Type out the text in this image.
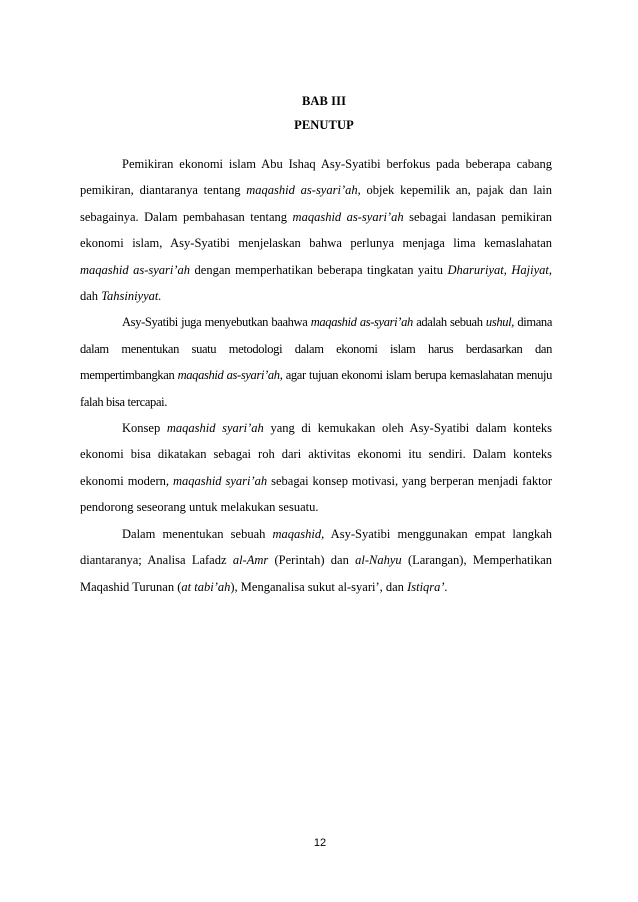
BAB III
PENUTUP

Pemikiran ekonomi islam Abu Ishaq Asy-Syatibi berfokus pada beberapa cabang pemikiran, diantaranya tentang maqashid as-syari’ah, objek kepemilik an, pajak dan lain sebagainya. Dalam pembahasan tentang maqashid as-syari’ah sebagai landasan pemikiran ekonomi islam, Asy-Syatibi menjelaskan bahwa perlunya menjaga lima kemaslahatan maqashid as-syari’ah dengan memperhatikan beberapa tingkatan yaitu Dharuriyat, Hajiyat, dah Tahsiniyyat.

Asy-Syatibi juga menyebutkan baahwa maqashid as-syari’ah adalah sebuah ushul, dimana dalam menentukan suatu metodologi dalam ekonomi islam harus berdasarkan dan mempertimbangkan maqashid as-syari’ah, agar tujuan ekonomi islam berupa kemaslahatan menuju falah bisa tercapai.

Konsep maqashid syari’ah yang di kemukakan oleh Asy-Syatibi dalam konteks ekonomi bisa dikatakan sebagai roh dari aktivitas ekonomi itu sendiri. Dalam konteks ekonomi modern, maqashid syari’ah sebagai konsep motivasi, yang berperan menjadi faktor pendorong seseorang untuk melakukan sesuatu.

Dalam menentukan sebuah maqashid, Asy-Syatibi menggunakan empat langkah diantaranya; Analisa Lafadz al-Amr (Perintah) dan al-Nahyu (Larangan), Memperhatikan Maqashid Turunan (at tabi’ah), Menganalisa sukut al-syari’, dan Istiqra’.

12
